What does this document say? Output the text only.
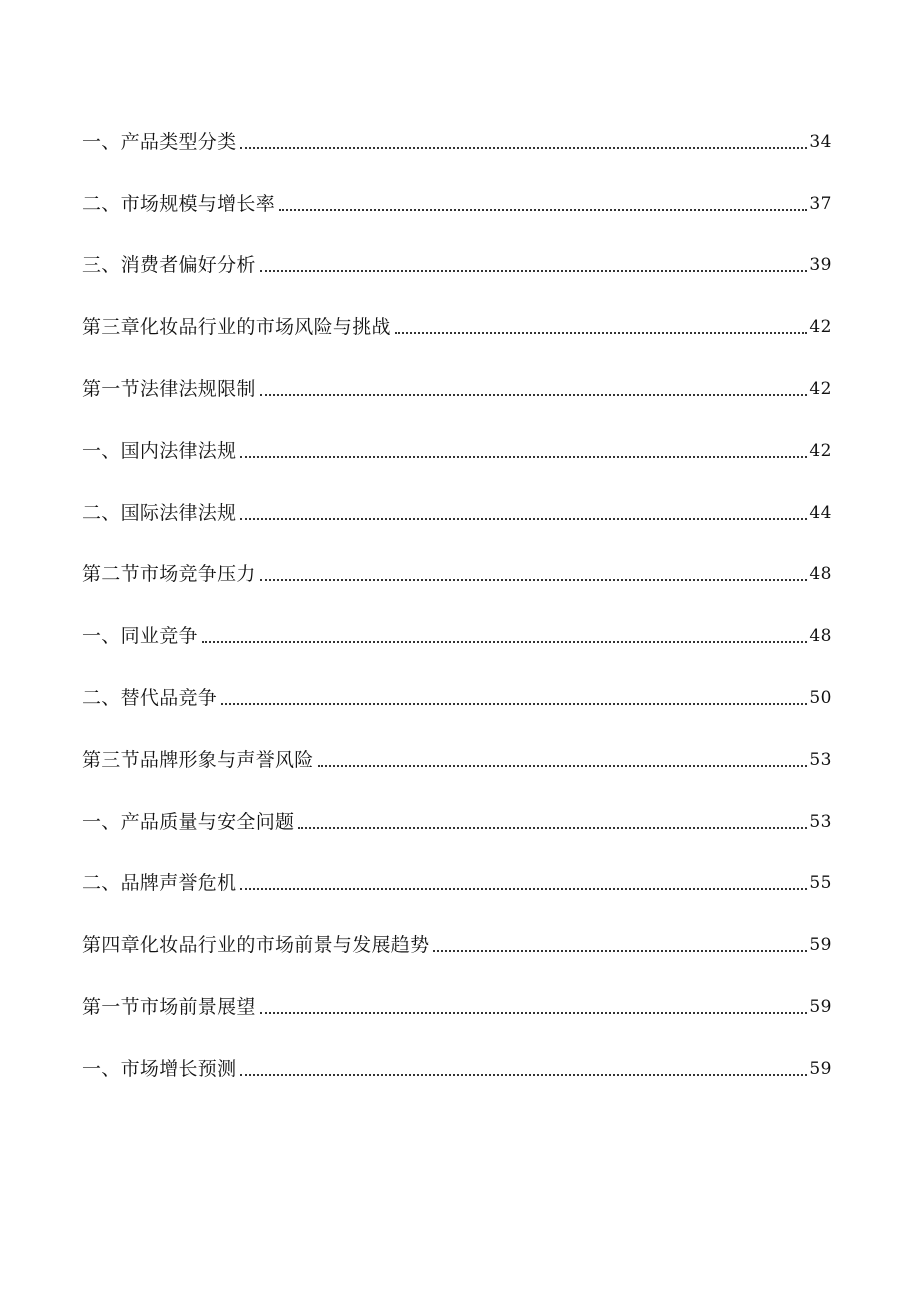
一、产品类型分类	34
二、市场规模与增长率	37
三、消费者偏好分析	39
第三章化妆品行业的市场风险与挑战	42
第一节法律法规限制	42
一、国内法律法规	42
二、国际法律法规	44
第二节市场竞争压力	48
一、同业竞争	48
二、替代品竞争	50
第三节品牌形象与声誉风险	53
一、产品质量与安全问题	53
二、品牌声誉危机	55
第四章化妆品行业的市场前景与发展趋势	59
第一节市场前景展望	59
一、市场增长预测	59
